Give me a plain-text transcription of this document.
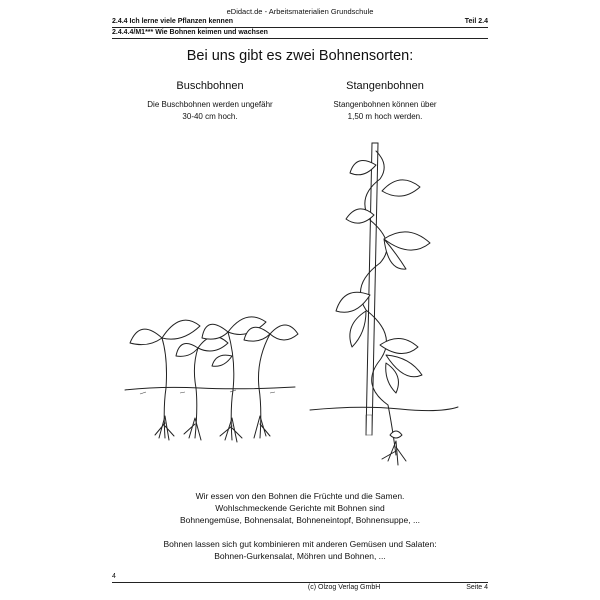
eDidact.de - Arbeitsmaterialien Grundschule
2.4.4 Ich lerne viele Pflanzen kennen	Teil 2.4
2.4.4.4/M1*** Wie Bohnen keimen und wachsen
Bei uns gibt es zwei Bohnensorten:
Buschbohnen
Die Buschbohnen werden ungefähr
30-40 cm hoch.
Stangenbohnen
Stangenbohnen können über
1,50 m hoch werden.
Wir essen von den Bohnen die Früchte und die Samen.
Wohlschmeckende Gerichte mit Bohnen sind
Bohnengemüse, Bohnensalat, Bohneneintopf, Bohnensuppe, ...
Bohnen lassen sich gut kombinieren mit anderen Gemüsen und Salaten:
Bohnen-Gurkensalat, Möhren und Bohnen, ...
4
(c) Olzog Verlag GmbH	Seite 4
